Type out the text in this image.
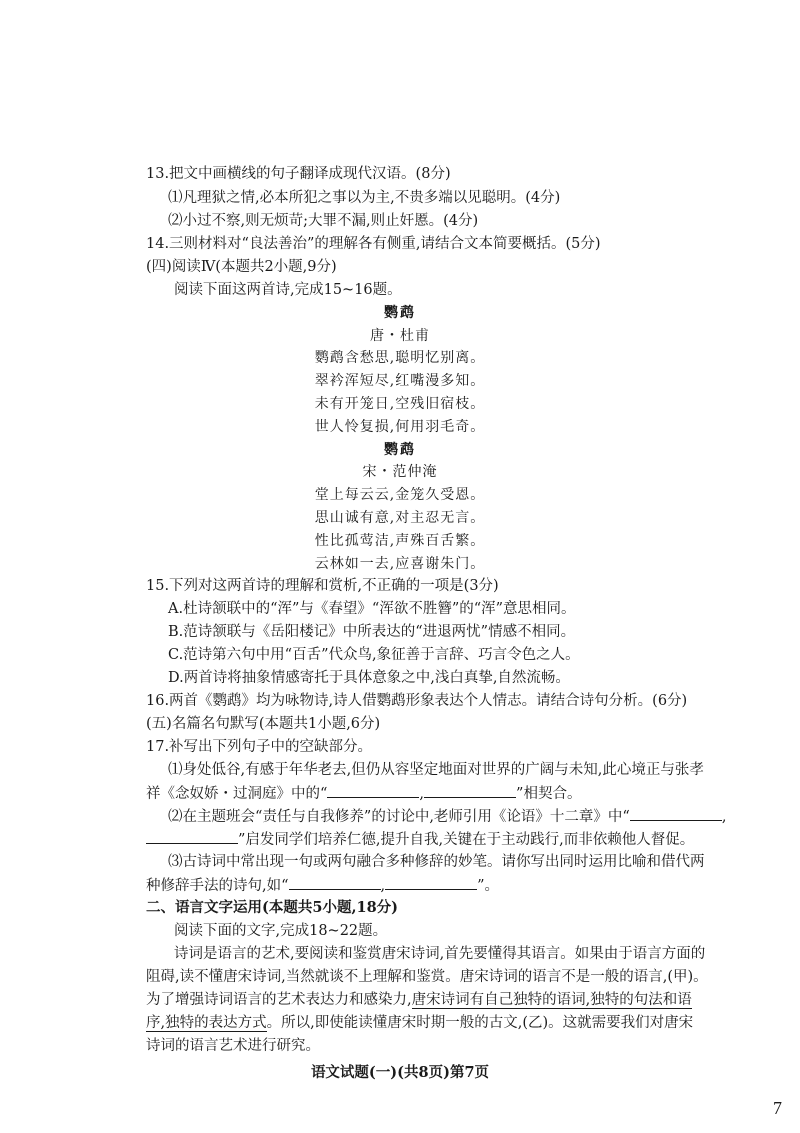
13.把文中画横线的句子翻译成现代汉语。(8分)
⑴凡理狱之情,必本所犯之事以为主,不贵多端以见聪明。(4分)
⑵小过不察,则无烦苛;大罪不漏,则止奸慝。(4分)
14.三则材料对“良法善治”的理解各有侧重,请结合文本简要概括。(5分)
(四)阅读Ⅳ(本题共2小题,9分)
阅读下面这两首诗,完成15~16题。
鹦鹉
唐・杜甫
鹦鹉含愁思,聪明忆别离。
翠衿浑短尽,红嘴漫多知。
未有开笼日,空残旧宿枝。
世人怜复损,何用羽毛奇。
鹦鹉
宋・范仲淹
堂上每云云,金笼久受恩。
思山诚有意,对主忍无言。
性比孤莺洁,声殊百舌繁。
云林如一去,应喜谢朱门。
15.下列对这两首诗的理解和赏析,不正确的一项是(3分)
A.杜诗颔联中的“浑”与《春望》“浑欲不胜簪”的“浑”意思相同。
B.范诗颔联与《岳阳楼记》中所表达的“进退两忧”情感不相同。
C.范诗第六句中用“百舌”代众鸟,象征善于言辞、巧言令色之人。
D.两首诗将抽象情感寄托于具体意象之中,浅白真挚,自然流畅。
16.两首《鹦鹉》均为咏物诗,诗人借鹦鹉形象表达个人情志。请结合诗句分析。(6分)
(五)名篇名句默写(本题共1小题,6分)
17.补写出下列句子中的空缺部分。
⑴身处低谷,有感于年华老去,但仍从容坚定地面对世界的广阔与未知,此心境正与张孝
祥《念奴娇・过洞庭》中的“	,	”相契合。
⑵在主题班会“责任与自我修养”的讨论中,老师引用《论语》十二章》中“	,
”启发同学们培养仁德,提升自我,关键在于主动践行,而非依赖他人督促。
⑶古诗词中常出现一句或两句融合多种修辞的妙笔。请你写出同时运用比喻和借代两
种修辞手法的诗句,如“	,	”。
二、语言文字运用(本题共5小题,18分)
阅读下面的文字,完成18~22题。
诗词是语言的艺术,要阅读和鉴赏唐宋诗词,首先要懂得其语言。如果由于语言方面的
阻碍,读不懂唐宋诗词,当然就谈不上理解和鉴赏。唐宋诗词的语言不是一般的语言,(甲)。
为了增强诗词语言的艺术表达力和感染力,唐宋诗词有自己独特的语词,独特的句法和语
序,独特的表达方式。所以,即使能读懂唐宋时期一般的古文,(乙)。这就需要我们对唐宋
诗词的语言艺术进行研究。
语文试题(一)(共8页)第7页
7
